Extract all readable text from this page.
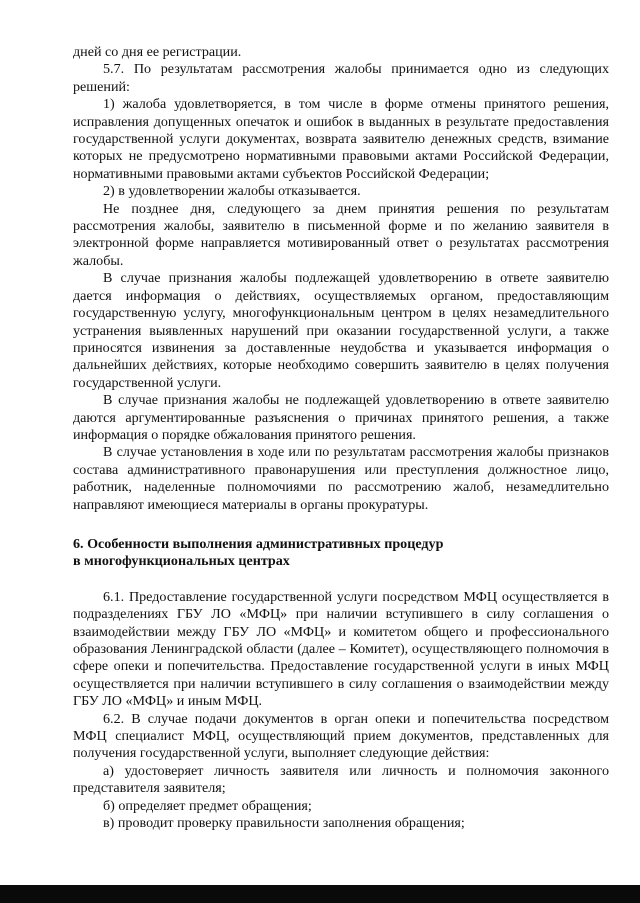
дней со дня ее регистрации.

5.7. По результатам рассмотрения жалобы принимается одно из следующих решений:

1) жалоба удовлетворяется, в том числе в форме отмены принятого решения, исправления допущенных опечаток и ошибок в выданных в результате предоставления государственной услуги документах, возврата заявителю денежных средств, взимание которых не предусмотрено нормативными правовыми актами Российской Федерации, нормативными правовыми актами субъектов Российской Федерации;

2) в удовлетворении жалобы отказывается.

Не позднее дня, следующего за днем принятия решения по результатам рассмотрения жалобы, заявителю в письменной форме и по желанию заявителя в электронной форме направляется мотивированный ответ о результатах рассмотрения жалобы.

В случае признания жалобы подлежащей удовлетворению в ответе заявителю дается информация о действиях, осуществляемых органом, предоставляющим государственную услугу, многофункциональным центром в целях незамедлительного устранения выявленных нарушений при оказании государственной услуги, а также приносятся извинения за доставленные неудобства и указывается информация о дальнейших действиях, которые необходимо совершить заявителю в целях получения государственной услуги.

В случае признания жалобы не подлежащей удовлетворению в ответе заявителю даются аргументированные разъяснения о причинах принятого решения, а также информация о порядке обжалования принятого решения.

В случае установления в ходе или по результатам рассмотрения жалобы признаков состава административного правонарушения или преступления должностное лицо, работник, наделенные полномочиями по рассмотрению жалоб, незамедлительно направляют имеющиеся материалы в органы прокуратуры.

6. Особенности выполнения административных процедур

в многофункциональных центрах

6.1. Предоставление государственной услуги посредством МФЦ осуществляется в подразделениях ГБУ ЛО «МФЦ» при наличии вступившего в силу соглашения о взаимодействии между ГБУ ЛО «МФЦ» и комитетом общего и профессионального образования Ленинградской области (далее – Комитет), осуществляющего полномочия в сфере опеки и попечительства. Предоставление государственной услуги в иных МФЦ осуществляется при наличии вступившего в силу соглашения о взаимодействии между ГБУ ЛО «МФЦ» и иным МФЦ.

6.2. В случае подачи документов в орган опеки и попечительства посредством МФЦ специалист МФЦ, осуществляющий прием документов, представленных для получения государственной услуги, выполняет следующие действия:

а) удостоверяет личность заявителя или личность и полномочия законного представителя заявителя;

б) определяет предмет обращения;

в) проводит проверку правильности заполнения обращения;
